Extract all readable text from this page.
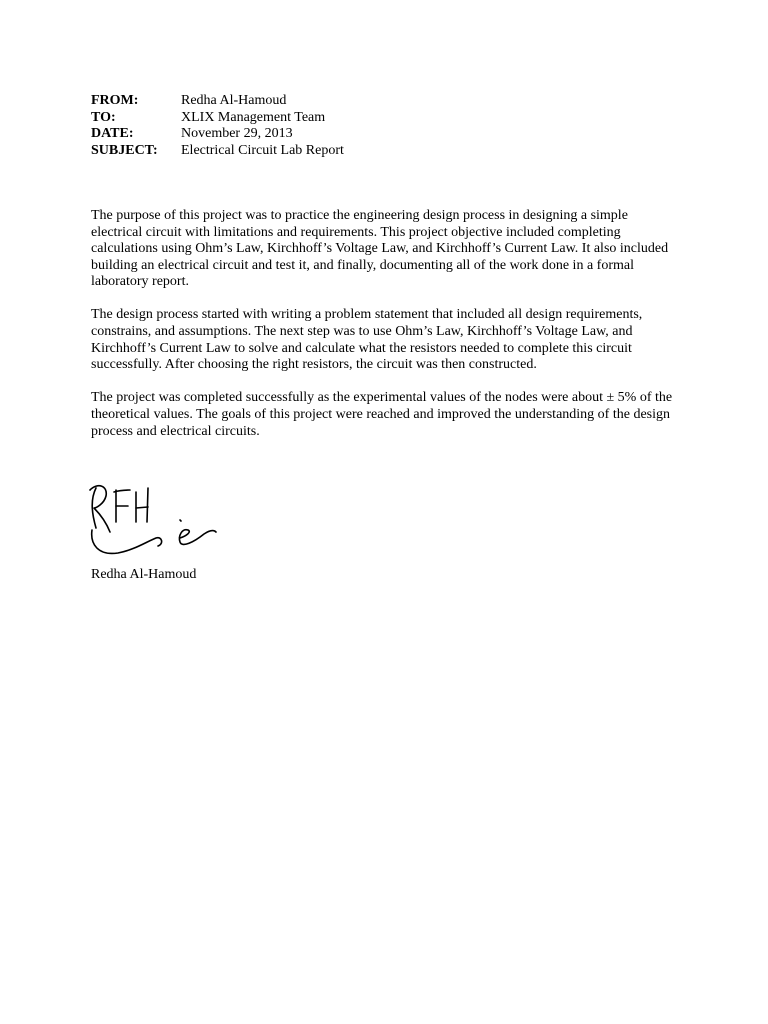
FROM:	Redha Al-Hamoud
TO:	XLIX Management Team
DATE:	November 29, 2013
SUBJECT:	Electrical Circuit Lab Report

The purpose of this project was to practice the engineering design process in designing a simple electrical circuit with limitations and requirements. This project objective included completing calculations using Ohm’s Law, Kirchhoff’s Voltage Law, and Kirchhoff’s Current Law. It also included building an electrical circuit and test it, and finally, documenting all of the work done in a formal laboratory report.

The design process started with writing a problem statement that included all design requirements, constrains, and assumptions. The next step was to use Ohm’s Law, Kirchhoff’s Voltage Law, and Kirchhoff’s Current Law to solve and calculate what the resistors needed to complete this circuit successfully. After choosing the right resistors, the circuit was then constructed.

The project was completed successfully as the experimental values of the nodes were about ± 5% of the theoretical values. The goals of this project were reached and improved the understanding of the design process and electrical circuits.

Redha Al-Hamoud
